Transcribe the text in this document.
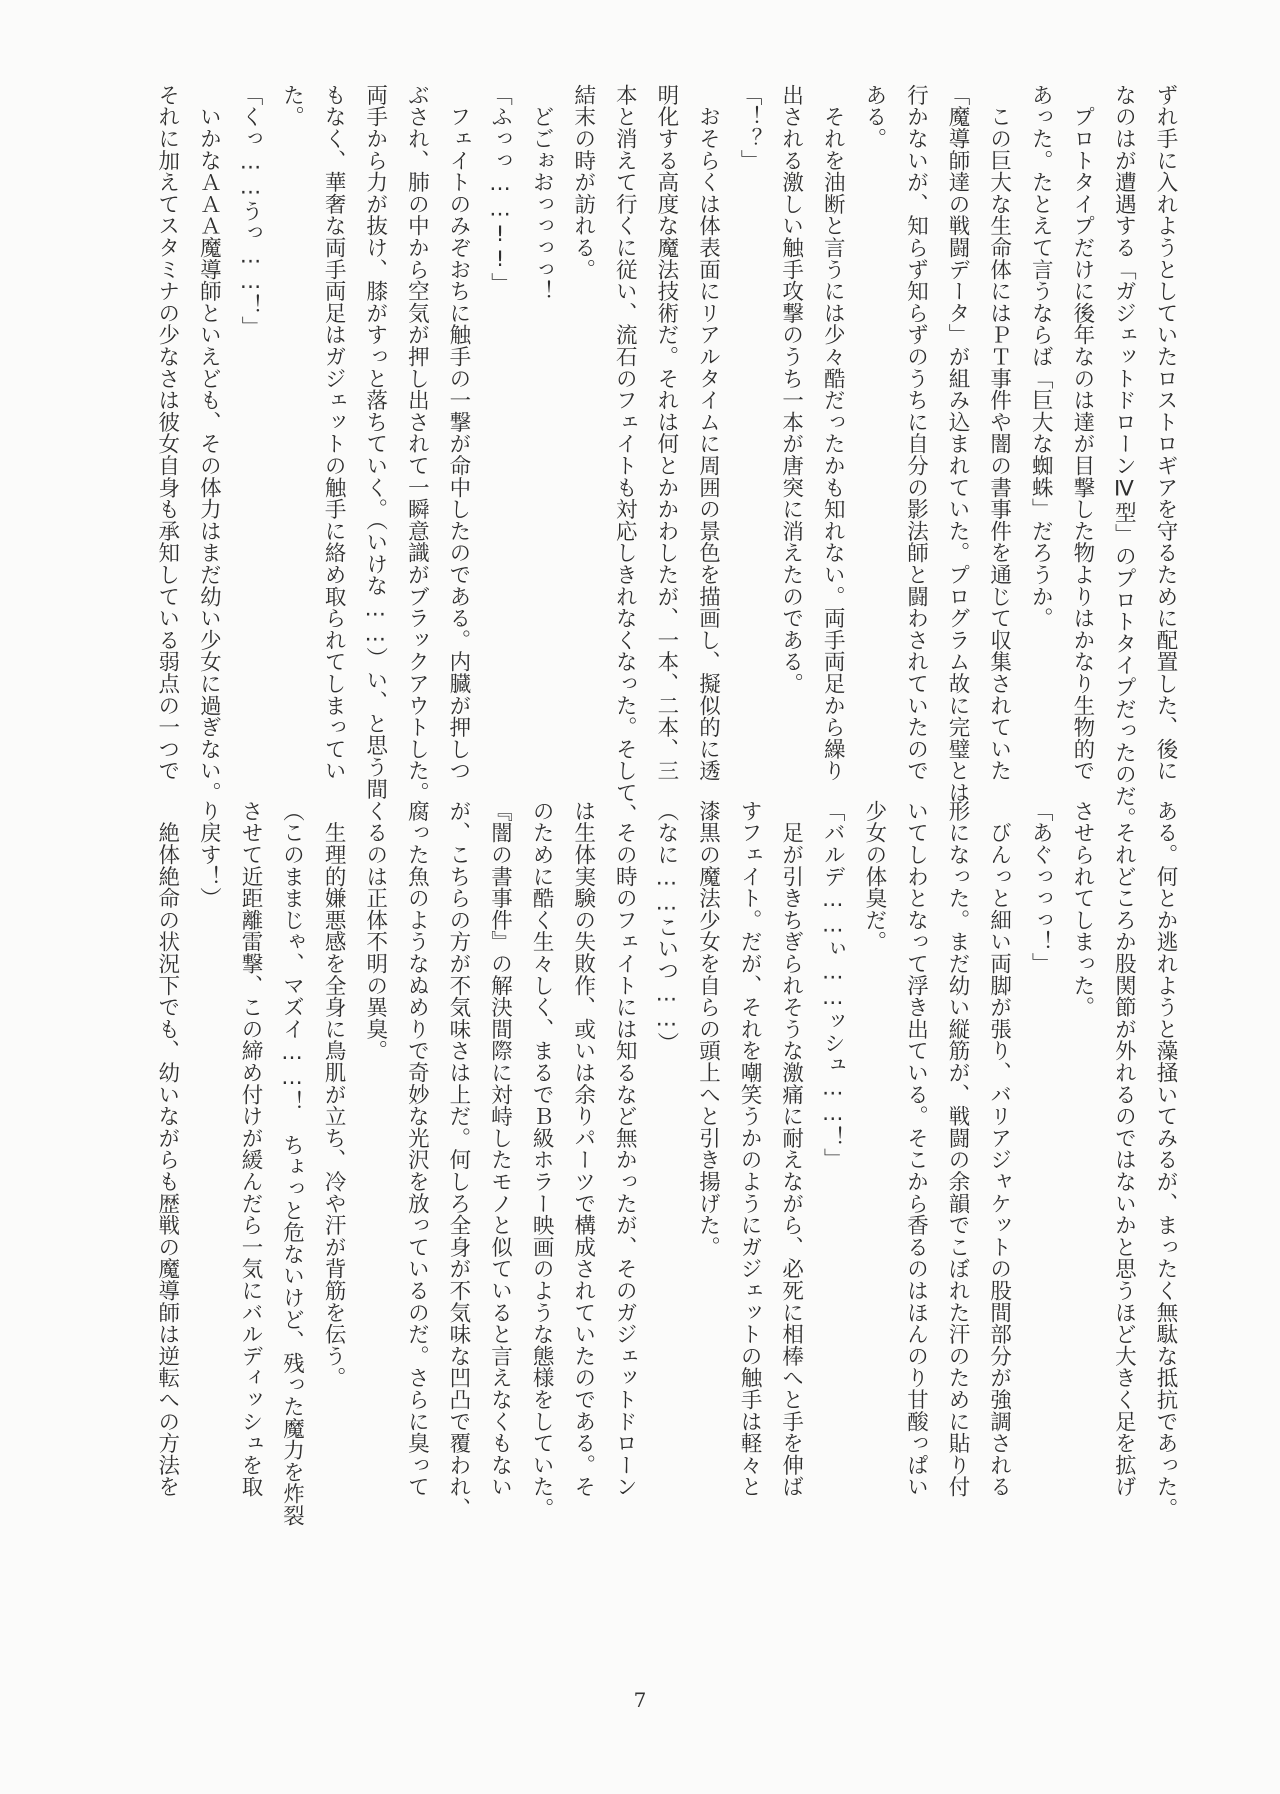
ずれ手に入れようとしていたロストロギアを守るために配置した、後に
なのはが遭遇する「ガジェットドローンⅣ型」のプロトタイプだったのだ。
　プロトタイプだけに後年なのは達が目撃した物よりはかなり生物的で
あった。たとえて言うならば「巨大な蜘蛛」だろうか。
　この巨大な生命体にはＰＴ事件や闇の書事件を通じて収集されていた
「魔導師達の戦闘データ」が組み込まれていた。プログラム故に完璧とは
行かないが、知らず知らずのうちに自分の影法師と闘わされていたので
ある。
　それを油断と言うには少々酷だったかも知れない。両手両足から繰り
出される激しい触手攻撃のうち一本が唐突に消えたのである。
「！？」
　おそらくは体表面にリアルタイムに周囲の景色を描画し、擬似的に透
明化する高度な魔法技術だ。それは何とかかわしたが、一本、二本、三
本と消えて行くに従い、流石のフェイトも対応しきれなくなった。そして、
結末の時が訪れる。
　どごぉおっっっっ！
「ふっっ……!!」
　フェイトのみぞおちに触手の一撃が命中したのである。内臓が押しつ
ぶされ、肺の中から空気が押し出されて一瞬意識がブラックアウトした。
両手から力が抜け、膝がすっと落ちていく。（いけな……）い、と思う間
もなく、華奢な両手両足はガジェットの触手に絡め取られてしまってい
た。
「くっ……うっ……！」
　いかなＡＡＡ魔導師といえども、その体力はまだ幼い少女に過ぎない。
それに加えてスタミナの少なさは彼女自身も承知している弱点の一つで
ある。何とか逃れようと藻掻いてみるが、まったく無駄な抵抗であった。
　それどころか股関節が外れるのではないかと思うほど大きく足を拡げ
させられてしまった。
「あぐっっっ！」
　びんっと細い両脚が張り、バリアジャケットの股間部分が強調される
形になった。まだ幼い縦筋が、戦闘の余韻でこぼれた汗のために貼り付
いてしわとなって浮き出ている。そこから香るのはほんのり甘酸っぱい
少女の体臭だ。
「バルデ……ぃ……ッシュ……！」
　足が引きちぎられそうな激痛に耐えながら、必死に相棒へと手を伸ば
すフェイト。だが、それを嘲笑うかのようにガジェットの触手は軽々と
漆黒の魔法少女を自らの頭上へと引き揚げた。
（なに……こいつ……）
　その時のフェイトには知るなど無かったが、そのガジェットドローン
は生体実験の失敗作、或いは余りパーツで構成されていたのである。そ
のために酷く生々しく、まるでＢ級ホラー映画のような態様をしていた。
『闇の書事件』の解決間際に対峙したモノと似ていると言えなくもない
が、こちらの方が不気味さは上だ。何しろ全身が不気味な凹凸で覆われ、
腐った魚のようなぬめりで奇妙な光沢を放っているのだ。さらに臭って
くるのは正体不明の異臭。
　生理的嫌悪感を全身に鳥肌が立ち、冷や汗が背筋を伝う。
（このままじゃ、マズイ……！　ちょっと危ないけど、残った魔力を炸裂
させて近距離雷撃、この締め付けが緩んだら一気にバルディッシュを取
り戻す！）
　絶体絶命の状況下でも、幼いながらも歴戦の魔導師は逆転への方法を
7
